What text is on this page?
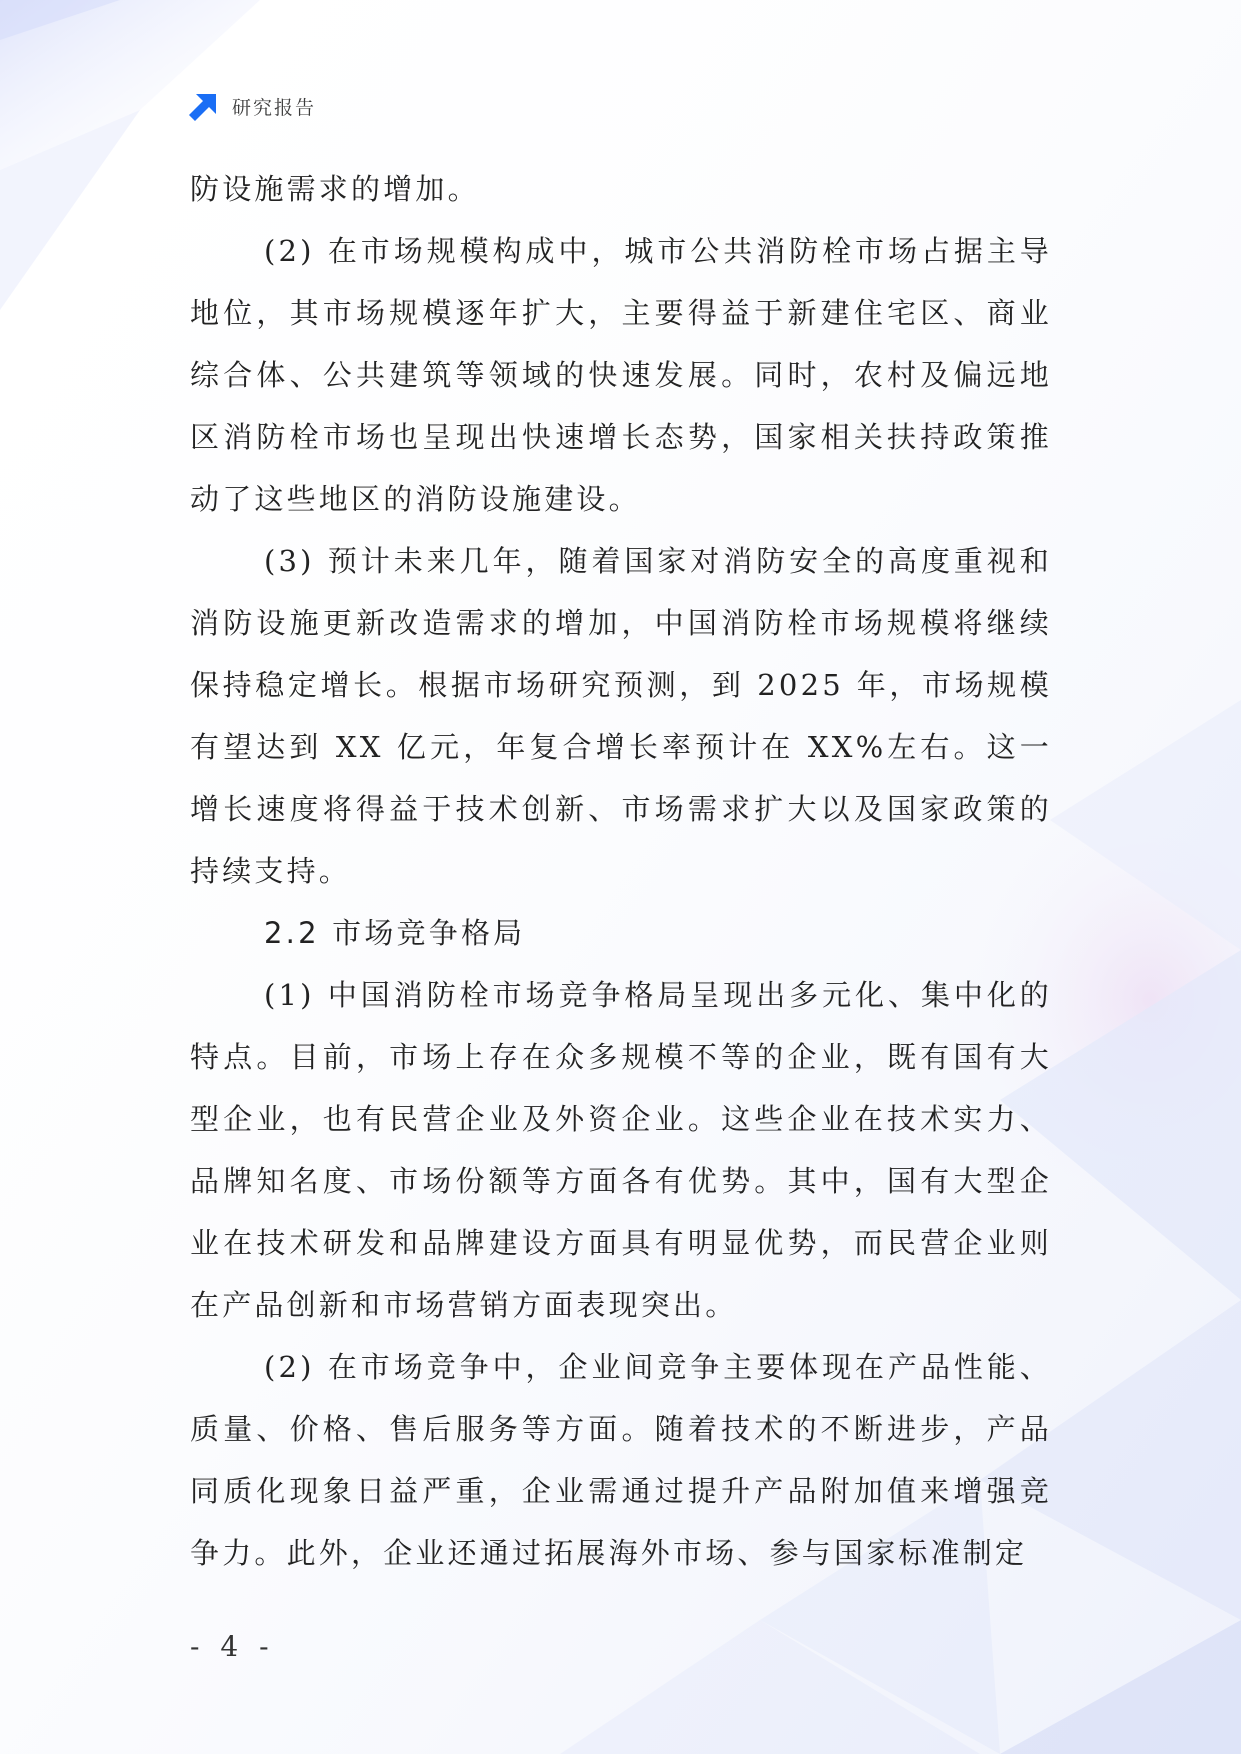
研究报告

防设施需求的增加。

(2) 在市场规模构成中，城市公共消防栓市场占据主导地位，其市场规模逐年扩大，主要得益于新建住宅区、商业综合体、公共建筑等领域的快速发展。同时，农村及偏远地区消防栓市场也呈现出快速增长态势，国家相关扶持政策推动了这些地区的消防设施建设。

(3) 预计未来几年，随着国家对消防安全的高度重视和消防设施更新改造需求的增加，中国消防栓市场规模将继续保持稳定增长。根据市场研究预测，到 2025 年，市场规模有望达到 XX 亿元，年复合增长率预计在 XX%左右。这一增长速度将得益于技术创新、市场需求扩大以及国家政策的持续支持。

2.2 市场竞争格局

(1) 中国消防栓市场竞争格局呈现出多元化、集中化的特点。目前，市场上存在众多规模不等的企业，既有国有大型企业，也有民营企业及外资企业。这些企业在技术实力、品牌知名度、市场份额等方面各有优势。其中，国有大型企业在技术研发和品牌建设方面具有明显优势，而民营企业则在产品创新和市场营销方面表现突出。

(2) 在市场竞争中，企业间竞争主要体现在产品性能、质量、价格、售后服务等方面。随着技术的不断进步，产品同质化现象日益严重，企业需通过提升产品附加值来增强竞争力。此外，企业还通过拓展海外市场、参与国家标准制定

- 4 -
